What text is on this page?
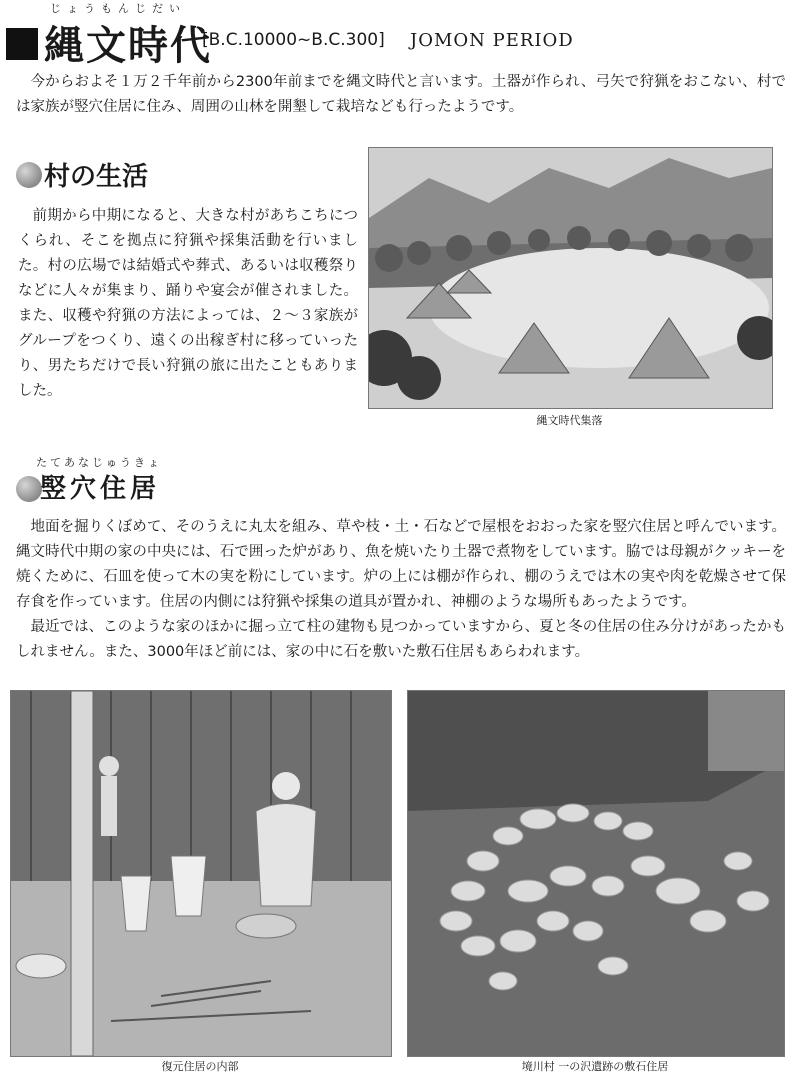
じょうもんじだい
縄文時代
[B.C.10000~B.C.300] JOMON PERIOD

今からおよそ１万２千年前から2300年前までを縄文時代と言います。土器が作られ、弓矢で狩猟をおこない、村では家族が竪穴住居に住み、周囲の山林を開墾して栽培なども行ったようです。

村の生活

前期から中期になると、大きな村があちこちにつくられ、そこを拠点に狩猟や採集活動を行いました。村の広場では結婚式や葬式、あるいは収穫祭りなどに人々が集まり、踊りや宴会が催されました。また、収穫や狩猟の方法によっては、２～３家族がグループをつくり、遠くの出稼ぎ村に移っていったり、男たちだけで長い狩猟の旅に出たこともありました。

縄文時代集落
たてあなじゅうきょ
竪穴住居

地面を掘りくぼめて、そのうえに丸太を組み、草や枝・土・石などで屋根をおおった家を竪穴住居と呼んでいます。縄文時代中期の家の中央には、石で囲った炉があり、魚を焼いたり土器で煮物をしています。脇では母親がクッキーを焼くために、石皿を使って木の実を粉にしています。炉の上には棚が作られ、棚のうえでは木の実や肉を乾燥させて保存食を作っています。住居の内側には狩猟や採集の道具が置かれ、神棚のような場所もあったようです。
最近では、このような家のほかに掘っ立て柱の建物も見つかっていますから、夏と冬の住居の住み分けがあったかもしれません。また、3000年ほど前には、家の中に石を敷いた敷石住居もあらわれます。

復元住居の内部	境川村 一の沢遺跡の敷石住居
